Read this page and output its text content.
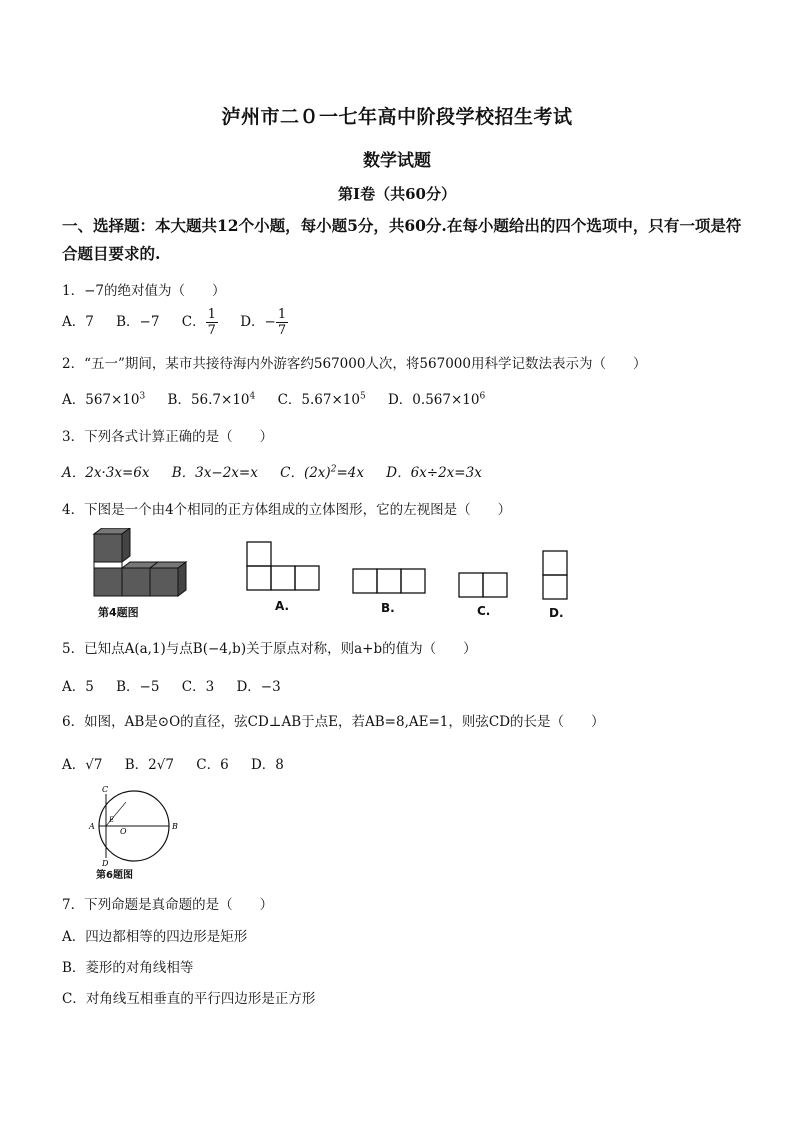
泸州市二０一七年高中阶段学校招生考试
数学试题
第Ⅰ卷（共60分）
一、选择题：本大题共12个小题，每小题5分，共60分.在每小题给出的四个选项中，只有一项是符合题目要求的.
1．−7的绝对值为（　　）
A．7 B．−7 C． $\frac{1}{7}$ D．− $\frac{1}{7}$
2．“五一”期间，某市共接待海内外游客约567000人次，将567000用科学记数法表示为（　　）
A．$567\times 10^3$ B．$56.7\times 10^4$ C．$5.67\times 10^5$ D．$0.567\times 10^6$
3．下列各式计算正确的是（　　）
A．2x·3x=6x B．3x−2x=x C．$(2x)^2=4x$ D．6x÷2x=3x
4．下图是一个由4个相同的正方体组成的立体图形，它的左视图是（　　）
第4题图	A.	B.	C.	D.
5．已知点A(a,1)与点B(−4,b)关于原点对称，则a+b的值为（　　）
A．5 B．−5 C．3 D．−3
6．如图，AB是⊙O的直径，弦CD⊥AB于点E，若AB=8,AE=1，则弦CD的长是（　　）
A．√7 B．2√7 C．6 D．8
C
A	B
D
E
O
第6题图
7．下列命题是真命题的是（　　）
A．四边都相等的四边形是矩形
B．菱形的对角线相等
C．对角线互相垂直的平行四边形是正方形
